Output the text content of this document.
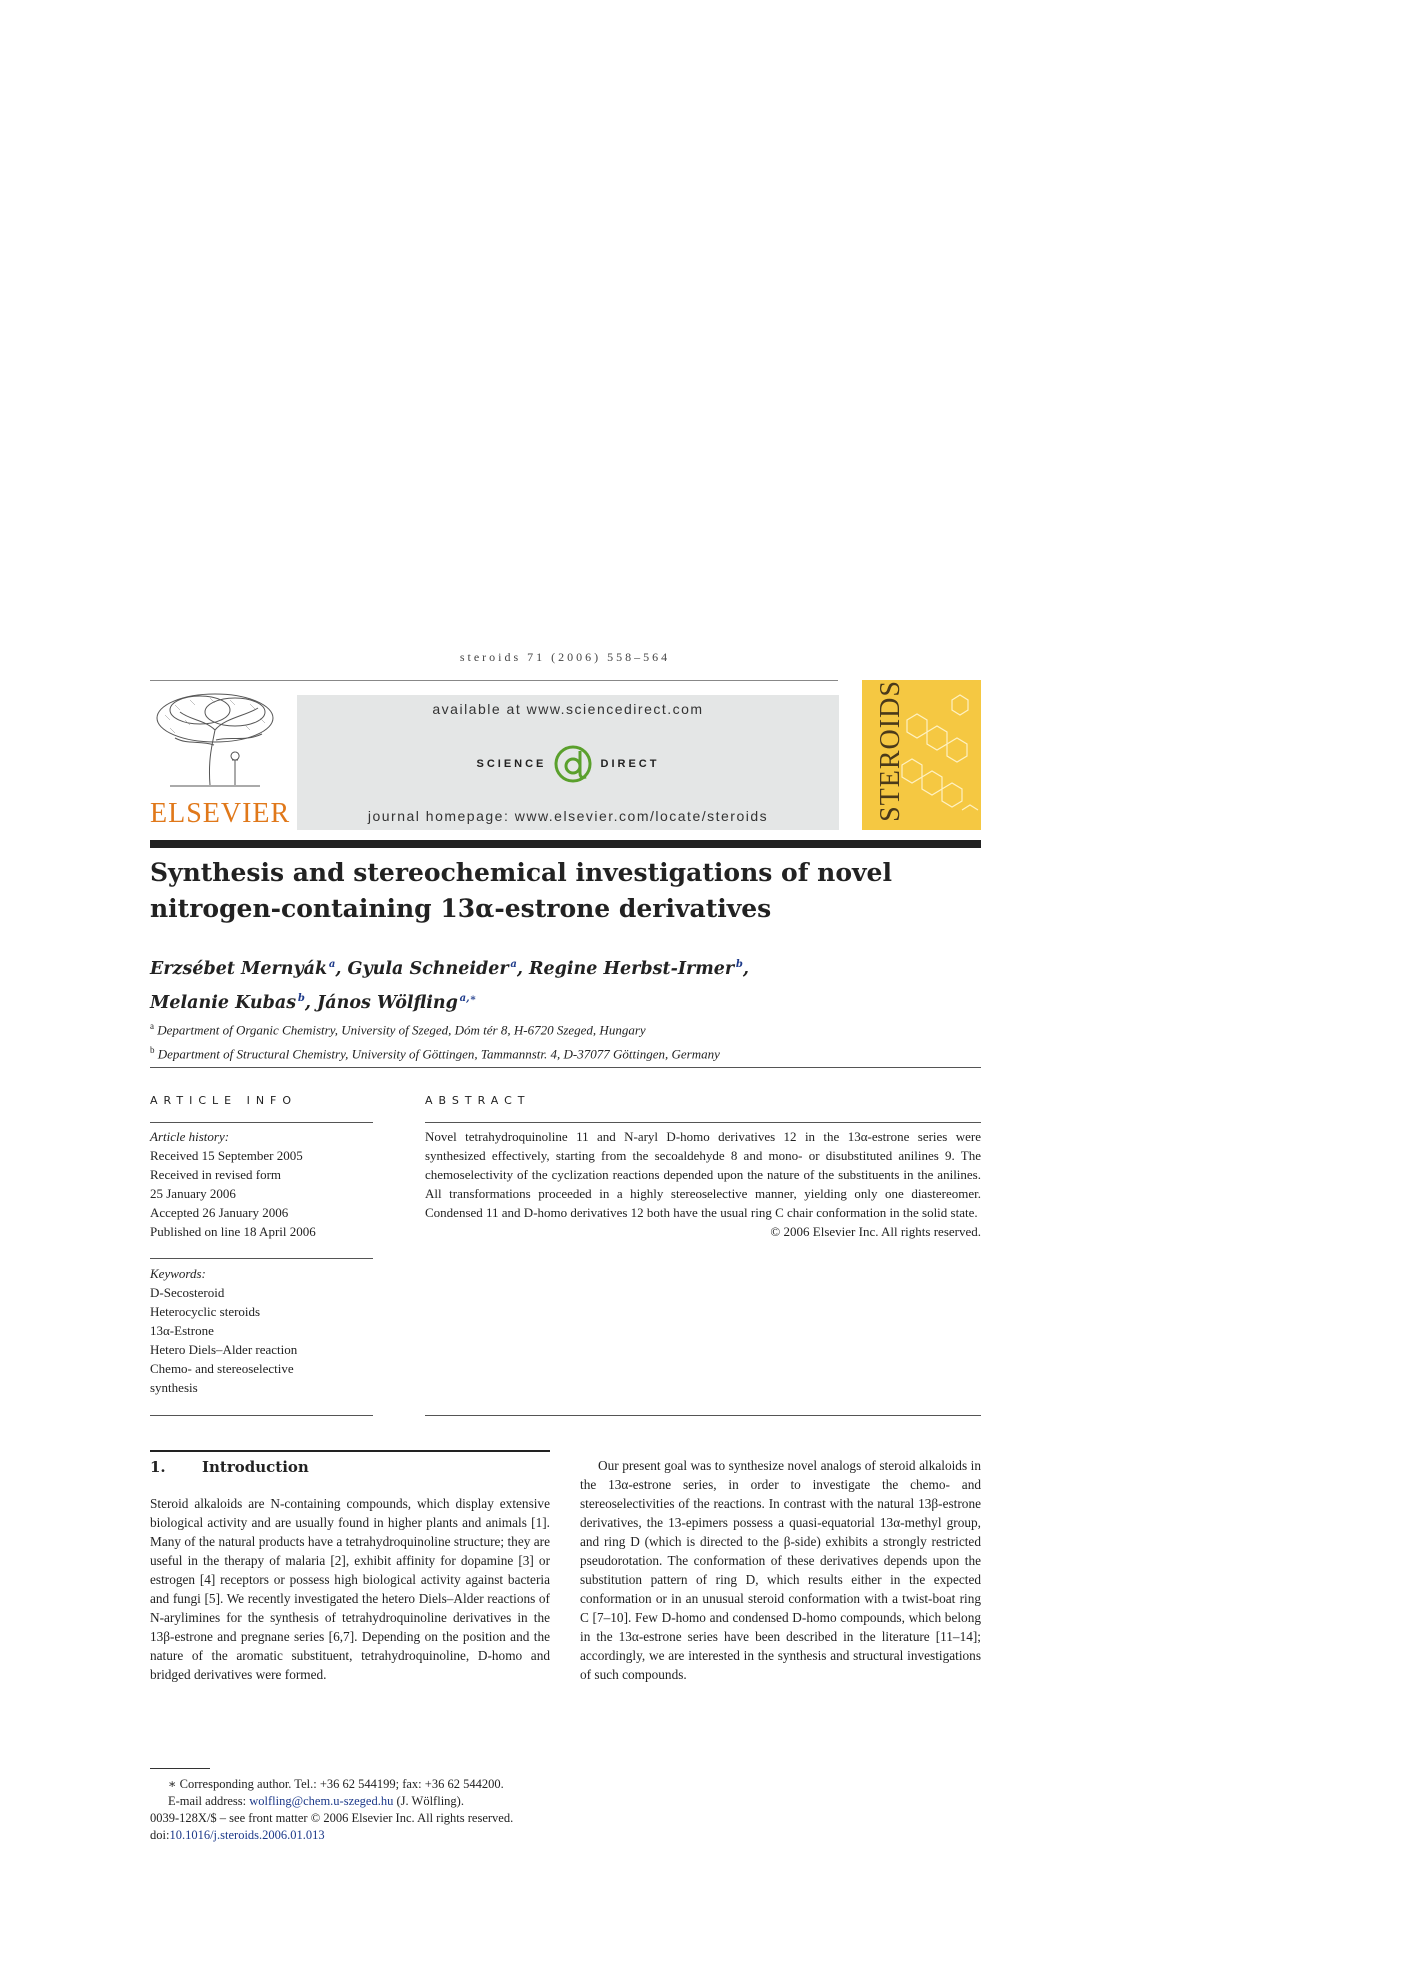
steroids 71 (2006) 558–564
ELSEVIER
available at www.sciencedirect.com
SCIENCE	DIRECT
journal homepage: www.elsevier.com/locate/steroids	STEROIDS
Synthesis and stereochemical investigations of novel nitrogen-containing 13α-estrone derivatives
Erzsébet Mernyák  $^a$, Gyula Schneider  $^a$, Regine Herbst-Irmer  $^b$,
Melanie Kubas  $^b$, János Wölfling  $^{a,∗}$
$^a$ Department of Organic Chemistry, University of Szeged, Dóm tér 8, H-6720 Szeged, Hungary
$^b$ Department of Structural Chemistry, University of Göttingen, Tammannstr. 4, D-37077 Göttingen, Germany
ARTICLE INFO	ABSTRACT
Article history:
Received 15 September 2005
Received in revised form
25 January 2006
Accepted 26 January 2006
Published on line 18 April 2006
Keywords:
D-Secosteroid
Heterocyclic steroids
13α-Estrone
Hetero Diels–Alder reaction
Chemo- and stereoselective
synthesis
Novel tetrahydroquinoline 11 and N-aryl D-homo derivatives 12 in the 13α-estrone series were synthesized effectively, starting from the secoaldehyde 8 and mono- or disubstituted anilines 9. The chemoselectivity of the cyclization reactions depended upon the nature of the substituents in the anilines. All transformations proceeded in a highly stereoselective manner, yielding only one diastereomer. Condensed 11 and D-homo derivatives 12 both have the usual ring C chair conformation in the solid state.
© 2006 Elsevier Inc. All rights reserved.
1. Introduction

Steroid alkaloids are N-containing compounds, which display extensive biological activity and are usually found in higher plants and animals [1]. Many of the natural products have a tetrahydroquinoline structure; they are useful in the therapy of malaria [2], exhibit affinity for dopamine [3] or estrogen [4] receptors or possess high biological activity against bacteria and fungi [5]. We recently investigated the hetero Diels–Alder reactions of N-arylimines for the synthesis of tetrahydroquinoline derivatives in the 13β-estrone and pregnane series [6,7]. Depending on the position and the nature of the aromatic substituent, tetrahydroquinoline, D-homo and bridged derivatives were formed.

Our present goal was to synthesize novel analogs of steroid alkaloids in the 13α-estrone series, in order to investigate the chemo- and stereoselectivities of the reactions. In contrast with the natural 13β-estrone derivatives, the 13-epimers possess a quasi-equatorial 13α-methyl group, and ring D (which is directed to the β-side) exhibits a strongly restricted pseudorotation. The conformation of these derivatives depends upon the substitution pattern of ring D, which results either in the expected conformation or in an unusual steroid conformation with a twist-boat ring C [7–10]. Few D-homo and condensed D-homo compounds, which belong in the 13α-estrone series have been described in the literature [11–14]; accordingly, we are interested in the synthesis and structural investigations of such compounds.

∗ Corresponding author. Tel.: +36 62 544199; fax: +36 62 544200.
E-mail address: wolfling@chem.u-szeged.hu (J. Wölfling).
0039-128X/$ – see front matter © 2006 Elsevier Inc. All rights reserved.
doi:10.1016/j.steroids.2006.01.013
